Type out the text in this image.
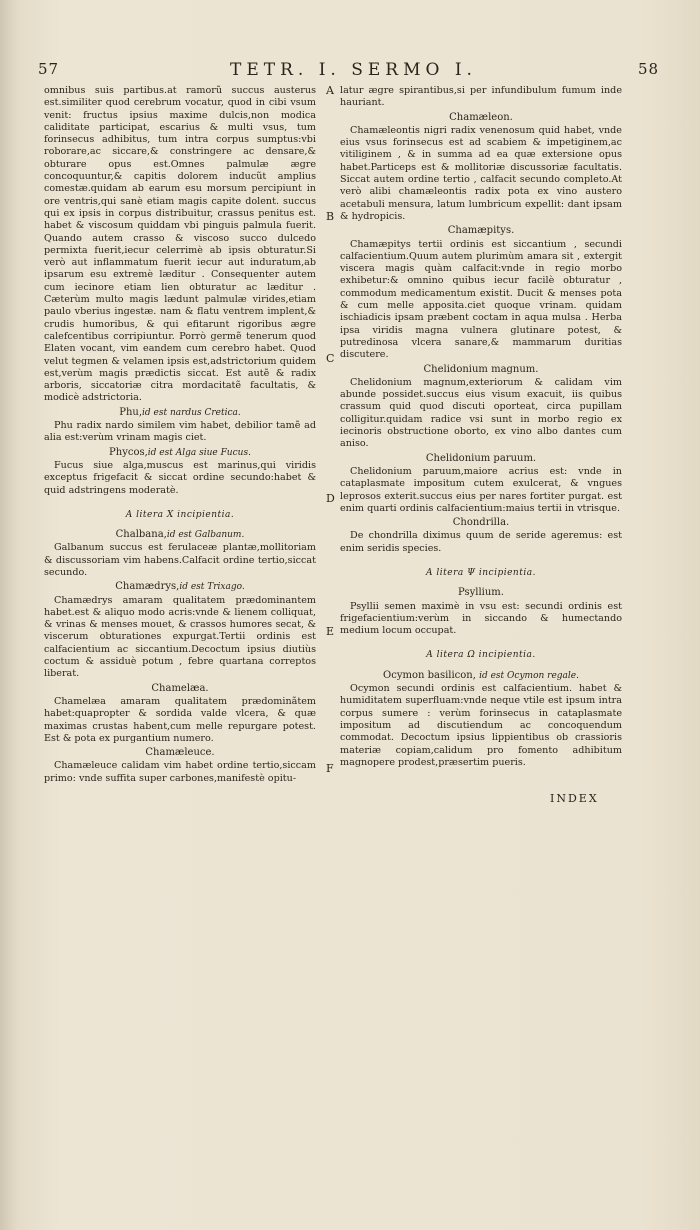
57	TETR. I. SERMO I.	58
A
B
C
D
E
F

omnibus suis partibus.at ramorũ succus austerus est.similiter quod cerebrum vocatur, quod in cibi vsum venit: fructus ipsius maxime dulcis,non modica caliditate participat, escarius & multi vsus, tum forinsecus adhibitus, tum intra corpus sumptus:vbi roborare,ac siccare,& constringere ac densare,& obturare opus est.Omnes palmulæ ægre concoquuntur,& capitis dolorem inducũt amplius comestæ.quidam ab earum esu morsum percipiunt in ore ventris,qui sanè etiam magis capite dolent. succus qui ex ipsis in corpus distribuitur, crassus penitus est. habet & viscosum quiddam vbi pinguis palmula fuerit. Quando autem crasso & viscoso succo dulcedo permixta fuerit,iecur celerrimè ab ipsis obturatur.Si verò aut inflammatum fuerit iecur aut induratum,ab ipsarum esu extremè læditur . Consequenter autem cum iecinore etiam lien obturatur ac læditur . Cæterùm multo magis lædunt palmulæ virides,etiam paulo vberius ingestæ. nam & flatu ventrem implent,& crudis humoribus, & qui efitarunt rigoribus ægre calefcentibus corripiuntur. Porrò germẽ tenerum quod Elaten vocant, vim eandem cum cerebro habet. Quod velut tegmen & velamen ipsis est,adstrictorium quidem est,verùm magis prædictis siccat. Est autẽ & radix arboris, siccatoriæ citra mordacitatẽ facultatis, & modicè adstrictoria.

Phu,id est nardus Cretica.

Phu radix nardo similem vim habet, debilior tamẽ ad alia est:verùm vrinam magis ciet.

Phycos,id est Alga siue Fucus.

Fucus siue alga,muscus est marinus,qui viridis exceptus frigefacit & siccat ordine secundo:habet & quid adstringens moderatè.

A litera X incipientia.
Chalbana,id est Galbanum.

Galbanum succus est ferulaceæ plantæ,mollitoriam & discussoriam vim habens.Calfacit ordine tertio,siccat secundo.

Chamædrys,id est Trixago.

Chamædrys amaram qualitatem prædominantem habet.est & aliquo modo acris:vnde & lienem colliquat, & vrinas & menses mouet, & crassos humores secat, & viscerum obturationes expurgat.Tertii ordinis est calfacientium ac siccantium.Decoctum ipsius diutiùs coctum & assiduè potum , febre quartana correptos liberat.

Chamelæa.

Chamelæa amaram qualitatem prædominãtem habet:quapropter & sordida valde vlcera, & quæ maximas crustas habent,cum melle repurgare potest. Est & pota ex purgantium numero.

Chamæleuce.

Chamæleuce calidam vim habet ordine tertio,siccam primo: vnde suffita super carbones,manifestè opitu-

latur ægre spirantibus,si per infundibulum fumum inde hauriant.

Chamæleon.

Chamæleontis nigri radix venenosum quid habet, vnde eius vsus forinsecus est ad scabiem & impetiginem,ac vitiliginem , & in summa ad ea quæ extersione opus habet.Particeps est & mollitoriæ discussoriæ facultatis. Siccat autem ordine tertio , calfacit secundo completo.At verò alibi chamæleontis radix pota ex vino austero acetabuli mensura, latum lumbricum expellit: dant ipsam & hydropicis.

Chamæpitys.

Chamæpitys tertii ordinis est siccantium , secundi calfacientium.Quum autem plurimùm amara sit , extergit viscera magis quàm calfacit:vnde in regio morbo exhibetur:& omnino quibus iecur facilè obturatur , commodum medicamentum existit. Ducit & menses pota & cum melle apposita.ciet quoque vrinam. quidam ischiadicis ipsam præbent coctam in aqua mulsa . Herba ipsa viridis magna vulnera glutinare potest, & putredinosa vlcera sanare,& mammarum duritias discutere.

Chelidonium magnum.

Chelidonium magnum,exteriorum & calidam vim abunde possidet.succus eius visum exacuit, iis quibus crassum quid quod discuti oporteat, circa pupillam colligitur.quidam radice vsi sunt in morbo regio ex iecinoris obstructione oborto, ex vino albo dantes cum aniso.

Chelidonium paruum.

Chelidonium paruum,maiore acrius est: vnde in cataplasmate impositum cutem exulcerat, & vngues leprosos exterit.succus eius per nares fortiter purgat. est enim quarti ordinis calfacientium:maius tertii in vtrisque.

Chondrilla.

De chondrilla diximus quum de seride ageremus: est enim seridis species.

A litera Ψ incipientia.
Psyllium.

Psyllii semen maximè in vsu est: secundi ordinis est frigefacientium:verùm in siccando & humectando medium locum occupat.

A litera Ω incipientia.
Ocymon basilicon, id est Ocymon regale.

Ocymon secundi ordinis est calfacientium. habet & humiditatem superfluam:vnde neque vtile est ipsum intra corpus sumere : verùm forinsecus in cataplasmate impositum ad discutiendum ac concoquendum commodat. Decoctum ipsius lippientibus ob crassioris materiæ copiam,calidum pro fomento adhibitum magnopere prodest,præsertim pueris.

INDEX
